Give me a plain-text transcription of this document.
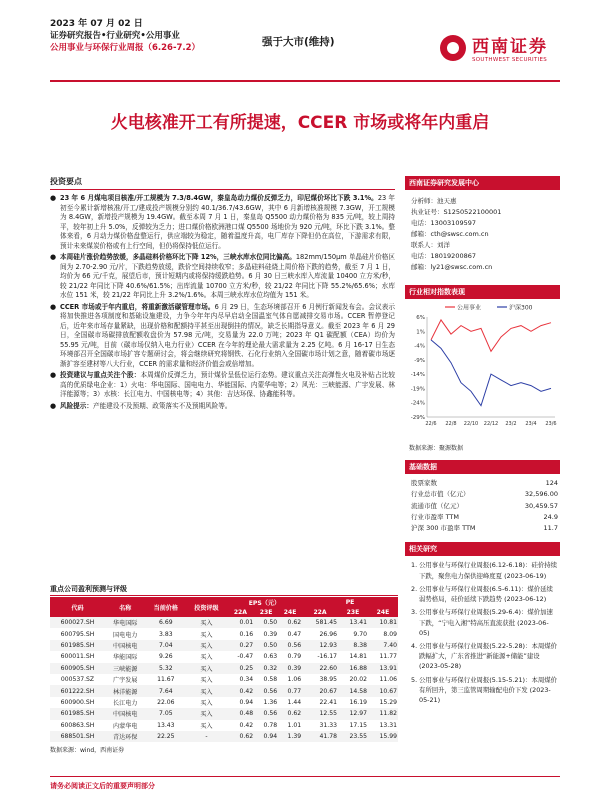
2023 年 07 月 02 日
证券研究报告•行业研究•公用事业
公用事业与环保行业周报（6.26-7.2）	强于大市(维持)	西南证券
SOUTHWEST SECURITIES
火电核准开工有所提速，CCER 市场或将年内重启
投资要点
● 23 年 6 月煤电项目核准/开工规模为 7.3/8.4GW，秦皇岛动力煤价反弹乏力，印尼煤价环比下跌 3.1%。23 年初至今累计新增核准/开工/建成投产规模分别约 40.1/36.7/43.6GW，其中 6 月新增核准规模 7.3GW，开工规模为 8.4GW，新增投产规模为 19.4GW。截至本周 7 月 1 日，秦皇岛 Q5500 动力煤价格为 835 元/吨，较上周持平，较年初上升 5.0%，反弹较为乏力；进口煤价格欧洲港口煤 Q5500 场地价为 920 元/吨，环比下跌 3.1%。整体来看，6 月动力煤价格盘整运行，供应端较为稳定，随着温度升高，电厂库存下降但仍在高位，下游需求有限，预计未来煤炭价格或有上行空间，但仍将保持低位运行。
● 本周硅片涨价趋势放缓，多晶硅料价格环比下降 12%，三峡水库水位同比偏高。182mm/150μm 单晶硅片价格区间为 2.70-2.90 元/片，下跌趋势放缓，跌价空间持续收窄；多晶硅料硅烧上周价格下跌的趋势，截至 7 月 1 日，均价为 66 元/千克，展望后市，预计短期内或将保持缓跌趋势。6 月 30 日三峡水库入库流量 10400 立方米/秒，较 21/22 年同比下降 40.6%/61.5%；出库流量 10700 立方米/秒，较 21/22 年同比下降 55.2%/65.6%；水库水位 151 米，较 21/22 年同比上升 3.2%/1.6%。本周三峡水库水位均值为 151 米。
● CCER 市场或于年内重启，将重新激活碳管理市场。6 月 29 日，生态环境部召开 6 月例行新闻发布会。会议表示将加快推进各项制度和基础设施建设，力争今年年内尽早启动全国温室气体自愿减排交易市场。CCER 暂停登记后，近年来市场存量紧缺，出现价格和配额持平甚至出现倒挂的情况，缺乏长期指导意义。截至 2023 年 6 月 29 日，全国碳市场碳排放配额收盘价为 57.98 元/吨，交易量为 22.0 万吨；2023 年 Q1 碳配额（CEA）均价为 55.95 元/吨，目前（碳市场仅纳入电力行业）CCER 在今年的理论最大需求量为 2.25 亿吨。6 月 16-17 日生态环境部召开全国碳市场扩容专题研讨会，将会继续研究将钢铁、石化行业纳入全国碳市场计划之意，随着碳市场逐渐扩容至建材等八大行业，CCER 的需求量和经济价值会或倍增加。
● 投资建议与重点关注个股：本周煤价反弹乏力，预计煤价呈低位运行态势。建议重点关注高弹性火电及补贴占比较高的优质绿电企业：1）火电：华电国际、国电电力、华能国际、内蒙华电等；2）风光：三峡能源、广宇发展、林洋能源等；3）水核：长江电力、中国核电等；4）其他：吉达环保、协鑫能科等。
● 风险提示：产能建设不及预期、政策落实不及预期风险等。
重点公司盈利预测与评级
代码	名称	当前价格	投资评级	EPS（元）			PE		
				22A	23E	24E	22A	23E	24E
600027.SH	华电国际	6.69	买入	0.01	0.50	0.62	581.45	13.41	10.81
600795.SH	国电电力	3.83	买入	0.16	0.39	0.47	26.96	9.70	8.09
601985.SH	中国核电	7.04	买入	0.27	0.50	0.56	12.93	8.38	7.40
600011.SH	华能国际	9.26	买入	-0.47	0.63	0.79	-16.17	14.81	11.77
600905.SH	三峡能源	5.32	买入	0.25	0.32	0.39	22.60	16.88	13.91
000537.SZ	广宇发展	11.67	买入	0.34	0.58	1.06	38.95	20.02	11.06
601222.SH	林洋能源	7.64	买入	0.42	0.56	0.77	20.67	14.58	10.67
600900.SH	长江电力	22.06	买入	0.94	1.36	1.44	22.41	16.19	15.29
601985.SH	中国核电	7.05	买入	0.48	0.56	0.62	12.55	12.97	11.82
600863.SH	内蒙华电	13.43	买入	0.42	0.78	1.01	31.33	17.15	13.31
688501.SH	青达环保	22.25	-	0.62	0.94	1.39	41.78	23.55	15.99
数据来源：wind，西南证券
西南证券研究发展中心
分析师：池天惠
执业证号：S1250522100001
电话：13003109597
邮箱：cth@swsc.com.cn
联系人：刘洋
电话：18019200867
邮箱：ly21@swsc.com.cn
行业相对指数表现
公用事业	沪深300
6%
1%
-4%
-9%
-14%
-19%
-24%
-29%
22/6 22/8 22/10 22/12 23/2 23/4 23/6
数据来源：聚源数据
基础数据
股票家数	124
行业总市值（亿元）	32,596.00
流通市值（亿元）	30,459.57
行业市盈率 TTM	24.9
沪深 300 市盈率 TTM	11.7
相关研究
1. 公用事业与环保行业周报(6.12-6.18)：硅价持续下跌，聚焦电力保供迎峰度夏 (2023-06-19)
2. 公用事业与环保行业周报(6.5-6.11)：煤价延续弱势格局，硅价延续下跌趋势 (2023-06-12)
3. 公用事业与环保行业周报(5.29-6.4)：煤价加速下跌，“宁电入湘”特高压直流获批 (2023-06-05)
4. 公用事业与环保行业周报(5.22-5.28)：本周煤价跌幅扩大，广东省推进“新能源+储能”建设 (2023-05-28)
5. 公用事业与环保行业周报(5.15-5.21)：本周煤价有所回升，第三监管周期输配电价下发 (2023-05-21)
请务必阅读正文后的重要声明部分
